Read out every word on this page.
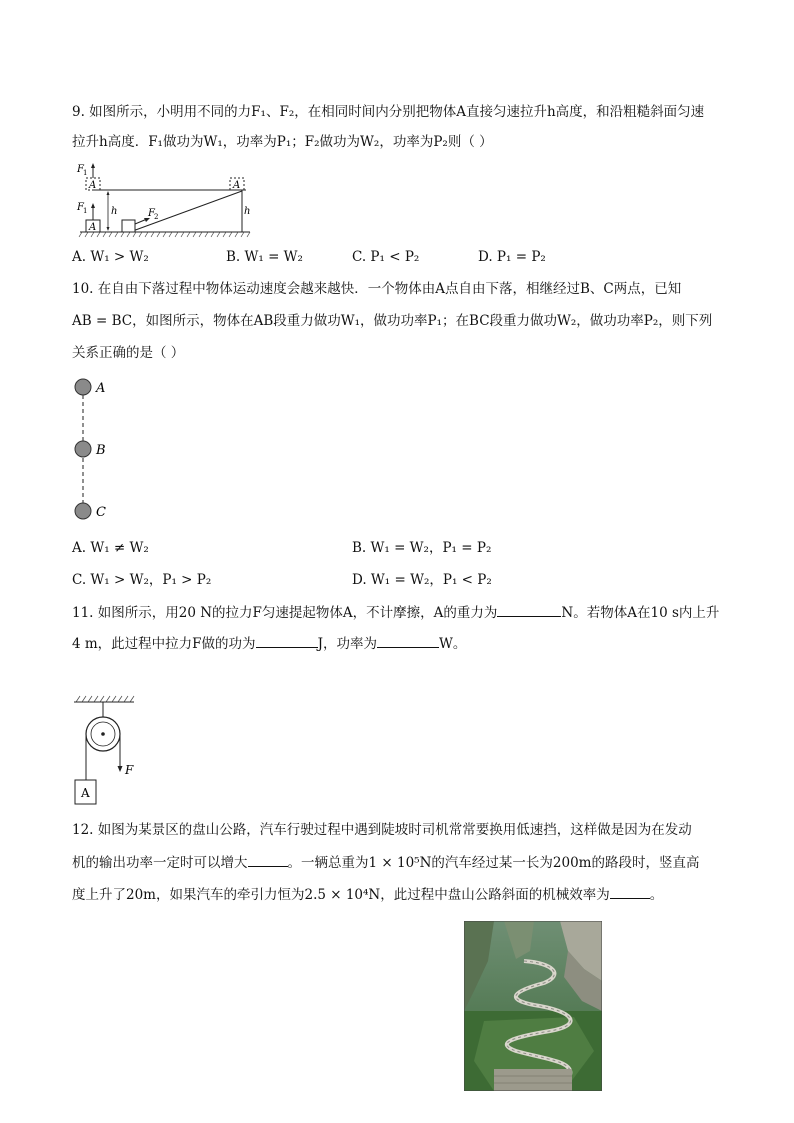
9. 如图所示，小明用不同的力F₁、F₂，在相同时间内分别把物体A直接匀速拉升h高度，和沿粗糙斜面匀速
拉升h高度．F₁做功为W₁，功率为P₁；F₂做功为W₂，功率为P₂则（ ）
A
A	A
F 1
F 1 h	h
F 2
A. W₁ > W₂	B. W₁ = W₂	C. P₁ < P₂	D. P₁ = P₂
10. 在自由下落过程中物体运动速度会越来越快．一个物体由A点自由下落，相继经过B、C两点，已知
AB = BC，如图所示，物体在AB段重力做功W₁，做功功率P₁；在BC段重力做功W₂，做功功率P₂，则下列
关系正确的是（ ）
A
B
C
A. W₁ ≠ W₂	B. W₁ = W₂，P₁ = P₂
C. W₁ > W₂，P₁ > P₂	D. W₁ = W₂，P₁ < P₂
11. 如图所示，用20 N的拉力F匀速提起物体A，不计摩擦，A的重力为	N。若物体A在10 s内上升
4 m，此过程中拉力F做的功为	J，功率为	W。
F
A
12. 如图为某景区的盘山公路，汽车行驶过程中遇到陡坡时司机常常要换用低速挡，这样做是因为在发动
机的输出功率一定时可以增大	。一辆总重为1 × 10⁵N的汽车经过某一长为200m的路段时，竖直高
度上升了20m，如果汽车的牵引力恒为2.5 × 10⁴N，此过程中盘山公路斜面的机械效率为	。
